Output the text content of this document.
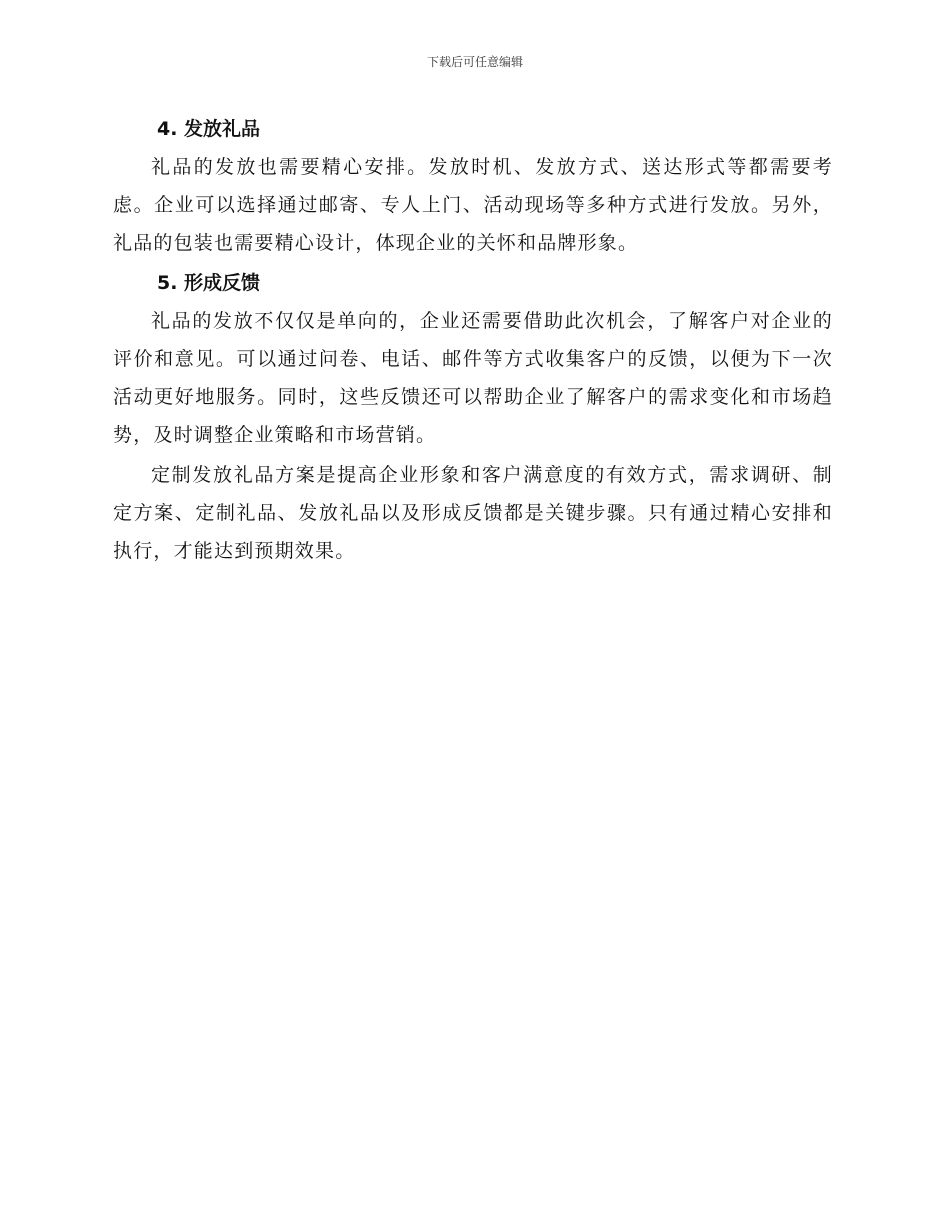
下载后可任意编辑
4. 发放礼品

礼品的发放也需要精心安排。发放时机、发放方式、送达形式等都需要考虑。企业可以选择通过邮寄、专人上门、活动现场等多种方式进行发放。另外，礼品的包装也需要精心设计，体现企业的关怀和品牌形象。

5. 形成反馈

礼品的发放不仅仅是单向的，企业还需要借助此次机会，了解客户对企业的评价和意见。可以通过问卷、电话、邮件等方式收集客户的反馈，以便为下一次活动更好地服务。同时，这些反馈还可以帮助企业了解客户的需求变化和市场趋势，及时调整企业策略和市场营销。

定制发放礼品方案是提高企业形象和客户满意度的有效方式，需求调研、制定方案、定制礼品、发放礼品以及形成反馈都是关键步骤。只有通过精心安排和执行，才能达到预期效果。
